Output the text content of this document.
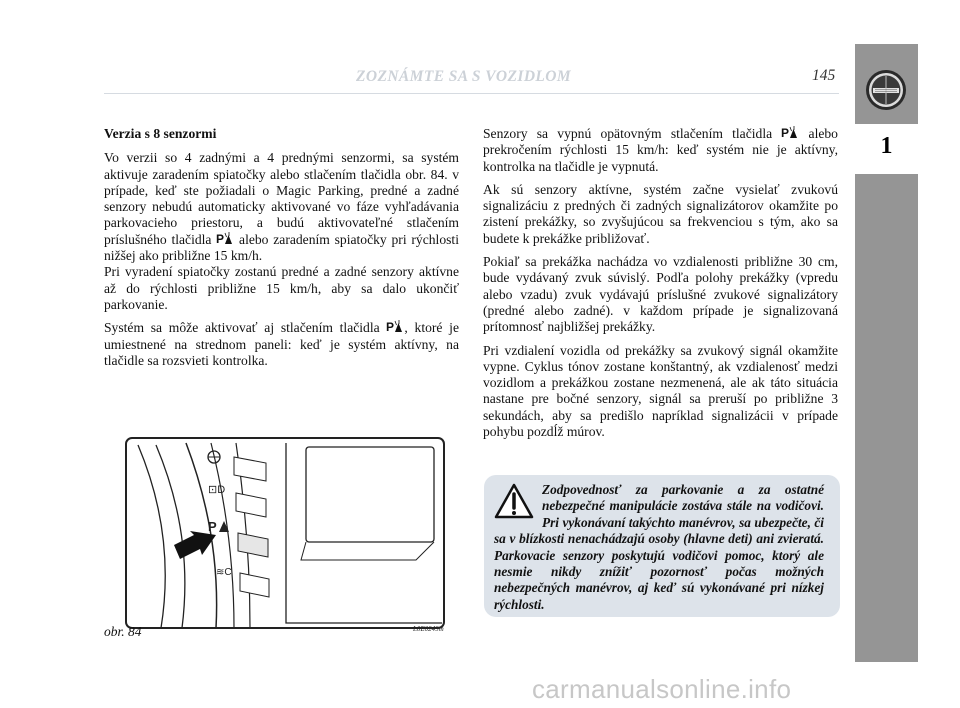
1
ZOZNÁMTE SA S VOZIDLOM	145

Verzia s 8 senzormi

Vo verzii so 4 zadnými a 4 prednými senzormi, sa systém aktivuje zaradením spiatočky alebo stlačením tlačidla obr. 84. v prípade, keď ste požiadali o Magic Parking, predné a zadné senzory nebudú automaticky aktivované vo fáze vyhľadávania parkovacieho priestoru, a budú aktivovateľné stlačením príslušného tlačidla P alebo zaradením spiatočky pri rýchlosti nižšej ako približne 15 km/h.
Pri vyradení spiatočky zostanú predné a zadné senzory aktívne až do rýchlosti približne 15 km/h, aby sa dalo ukončiť parkovanie.

Systém sa môže aktivovať aj stlačením tlačidla P , ktoré je umiestnené na strednom paneli: keď je systém aktívny, na tlačidle sa rozsvieti kontrolka.

Senzory sa vypnú opätovným stlačením tlačidla P alebo prekročením rýchlosti 15 km/h: keď systém nie je aktívny, kontrolka na tlačidle je vypnutá.

Ak sú senzory aktívne, systém začne vysielať zvukovú signalizáciu z predných či zadných signalizátorov okamžite po zistení prekážky, so zvyšujúcou sa frekvenciou s tým, ako sa budete k prekážke približovať.

Pokiaľ sa prekážka nachádza vo vzdialenosti približne 30 cm, bude vydávaný zvuk súvislý. Podľa polohy prekážky (vpredu alebo vzadu) zvuk vydávajú príslušné zvukové signalizátory (predné alebo zadné). v každom prípade je signalizovaná prítomnosť najbližšej prekážky.

Pri vzdialení vozidla od prekážky sa zvukový signál okamžite vypne. Cyklus tónov zostane konštantný, ak vzdialenosť medzi vozidlom a prekážkou zostane nezmenená, ale ak táto situácia nastane pre bočné senzory, signál sa preruší po približne 3 sekundách, aby sa predišlo napríklad signalizácii v prípade pohybu pozdĺž múrov.

⊡D
P
≋C
obr. 84	L0E0249m
Zodpovednosť za parkovanie a za ostatné nebezpečné manipulácie zostáva stále na vodičovi. Pri vykonávaní takýchto manévrov, sa ubezpečte, či sa v blízkosti nenachádzajú osoby (hlavne deti) ani zvieratá. Parkovacie senzory poskytujú vodičovi pomoc, ktorý ale nesmie nikdy znížiť pozornosť počas možných nebezpečných manévrov, aj keď sú vykonávané pri nízkej rýchlosti.
carmanualsonline.info
